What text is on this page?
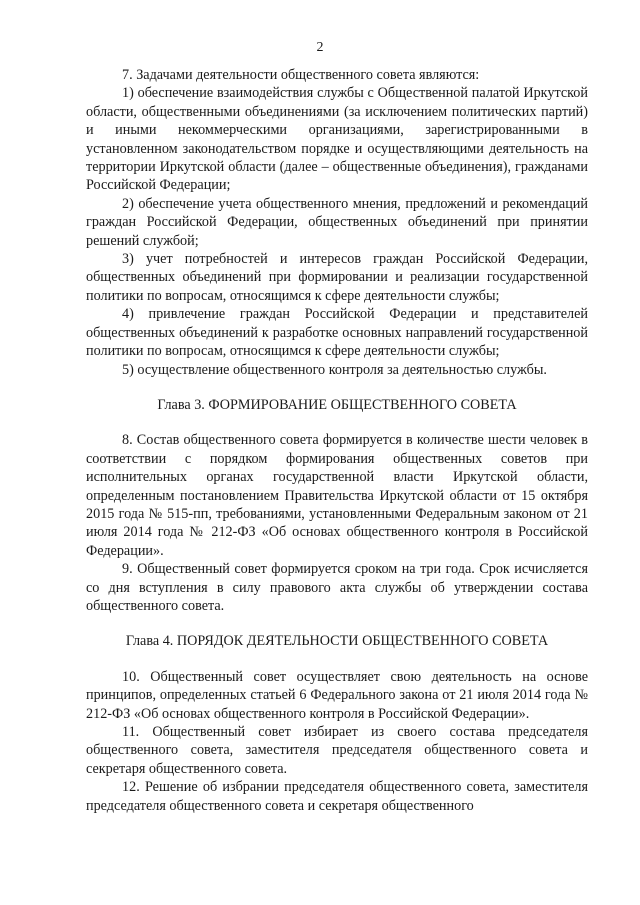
2

7. Задачами деятельности общественного совета являются:

1) обеспечение взаимодействия службы с Общественной палатой Иркутской области, общественными объединениями (за исключением политических партий) и иными некоммерческими организациями, зарегистрированными в установленном законодательством порядке и осуществляющими деятельность на территории Иркутской области (далее – общественные объединения), гражданами Российской Федерации;

2) обеспечение учета общественного мнения, предложений и рекомендаций граждан Российской Федерации, общественных объединений при принятии решений службой;

3) учет потребностей и интересов граждан Российской Федерации, общественных объединений при формировании и реализации государственной политики по вопросам, относящимся к сфере деятельности службы;

4) привлечение граждан Российской Федерации и представителей общественных объединений к разработке основных направлений государственной политики по вопросам, относящимся к сфере деятельности службы;

5) осуществление общественного контроля за деятельностью службы.

Глава 3. ФОРМИРОВАНИЕ ОБЩЕСТВЕННОГО СОВЕТА

8. Состав общественного совета формируется в количестве шести человек в соответствии с порядком формирования общественных советов при исполнительных органах государственной власти Иркутской области, определенным постановлением Правительства Иркутской области от 15 октября 2015 года № 515-пп, требованиями, установленными Федеральным законом от 21 июля 2014 года № 212-ФЗ «Об основах общественного контроля в Российской Федерации».

9. Общественный совет формируется сроком на три года. Срок исчисляется со дня вступления в силу правового акта службы об утверждении состава общественного совета.

Глава 4. ПОРЯДОК ДЕЯТЕЛЬНОСТИ ОБЩЕСТВЕННОГО СОВЕТА

10. Общественный совет осуществляет свою деятельность на основе принципов, определенных статьей 6 Федерального закона от 21 июля 2014 года № 212-ФЗ «Об основах общественного контроля в Российской Федерации».

11. Общественный совет избирает из своего состава председателя общественного совета, заместителя председателя общественного совета и секретаря общественного совета.

12. Решение об избрании председателя общественного совета, заместителя председателя общественного совета и секретаря общественного
